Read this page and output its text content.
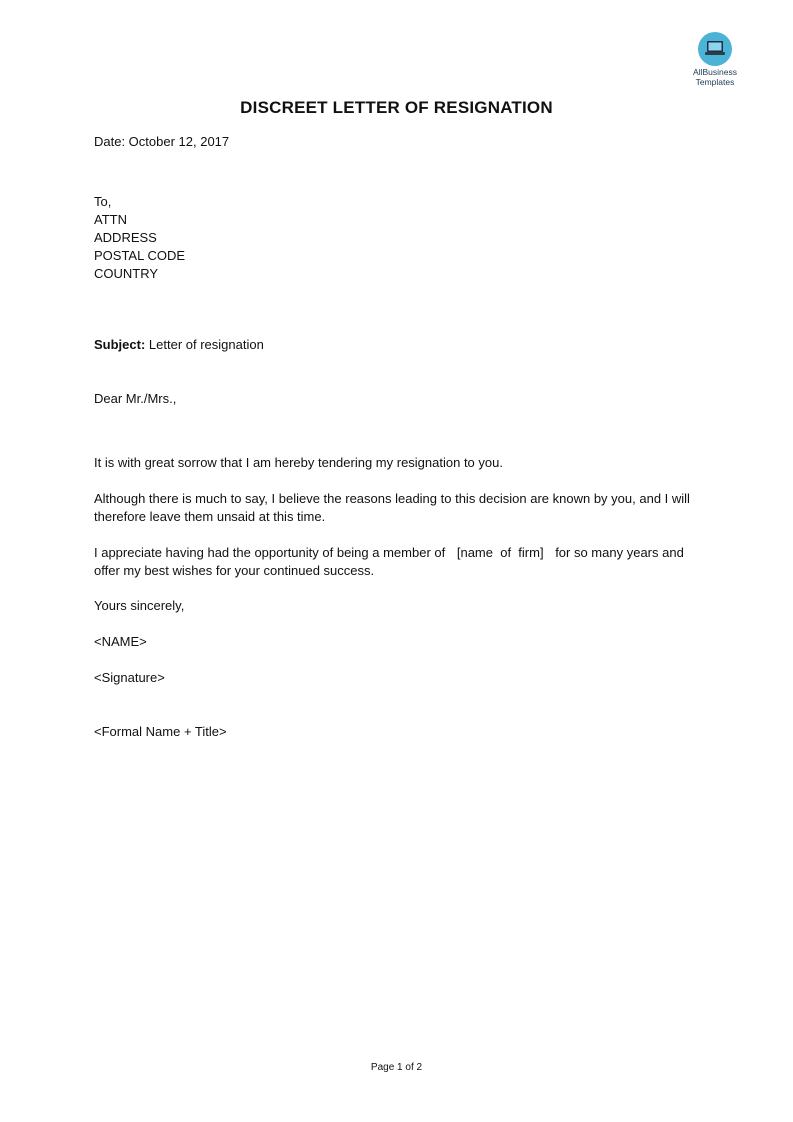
AllBusiness
Templates
DISCREET LETTER OF RESIGNATION
Date: October 12, 2017
To,
ATTN
ADDRESS
POSTAL CODE
COUNTRY
Subject: Letter of resignation
Dear Mr./Mrs.,
It is with great sorrow that I am hereby tendering my resignation to you.
Although there is much to say, I believe the reasons leading to this decision are known by you, and I will therefore leave them unsaid at this time.
I appreciate having had the opportunity of being a member of [name  of  firm] for so many years and offer my best wishes for your continued success.
Yours sincerely,
<NAME>
<Signature>
<Formal Name + Title>
Page 1 of 2
